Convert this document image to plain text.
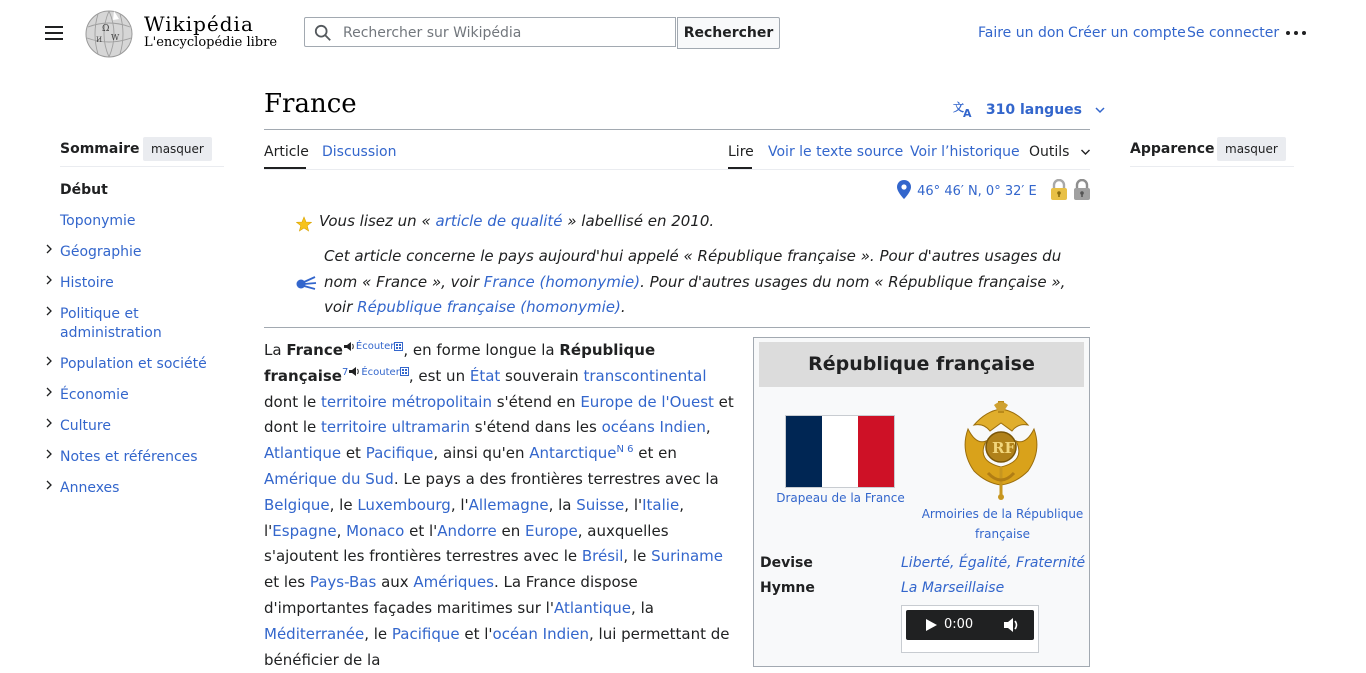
Ω
W
И
Wikipédia
L'encyclopédie libre
Rechercher sur Wikipédia
Rechercher	Faire un don Créer un compte Se connecter
Sommaire masquer
Début
Toponymie
Géographie
Histoire
Politique et administration
Population et société
Économie
Culture
Notes et références
Annexes
France	文 A 310 langues
Article Discussion	Lire Voir le texte source Voir l’historique Outils	Apparence masquer
46° 46′ N, 0° 32′ E
Vous lisez un « article de qualité » labellisé en 2010.
Cet article concerne le pays aujourd'hui appelé « République française ». Pour d'autres usages du nom « France », voir France (homonymie). Pour d'autres usages du nom « République française », voir République française (homonymie).
La France $^{Écouter}$ , en forme longue la République française$^7$ $^{Écouter}$ , est un État souverain transcontinental dont le territoire métropolitain s'étend en Europe de l'Ouest et dont le territoire ultramarin s'étend dans les océans Indien, Atlantique et Pacifique, ainsi qu'en Antarctique$^{N 6}$ et en Amérique du Sud. Le pays a des frontières terrestres avec la Belgique, le Luxembourg, l'Allemagne, la Suisse, l'Italie, l'Espagne, Monaco et l'Andorre en Europe, auxquelles s'ajoutent les frontières terrestres avec le Brésil, le Suriname et les Pays-Bas aux Amériques. La France dispose d'importantes façades maritimes sur l'Atlantique, la Méditerranée, le Pacifique et l'océan Indien, lui permettant de bénéficier de la
République française
Drapeau de la France
RF
Armoiries de la République française
Devise	Liberté, Égalité, Fraternité
Hymne	La Marseillaise
0:00
